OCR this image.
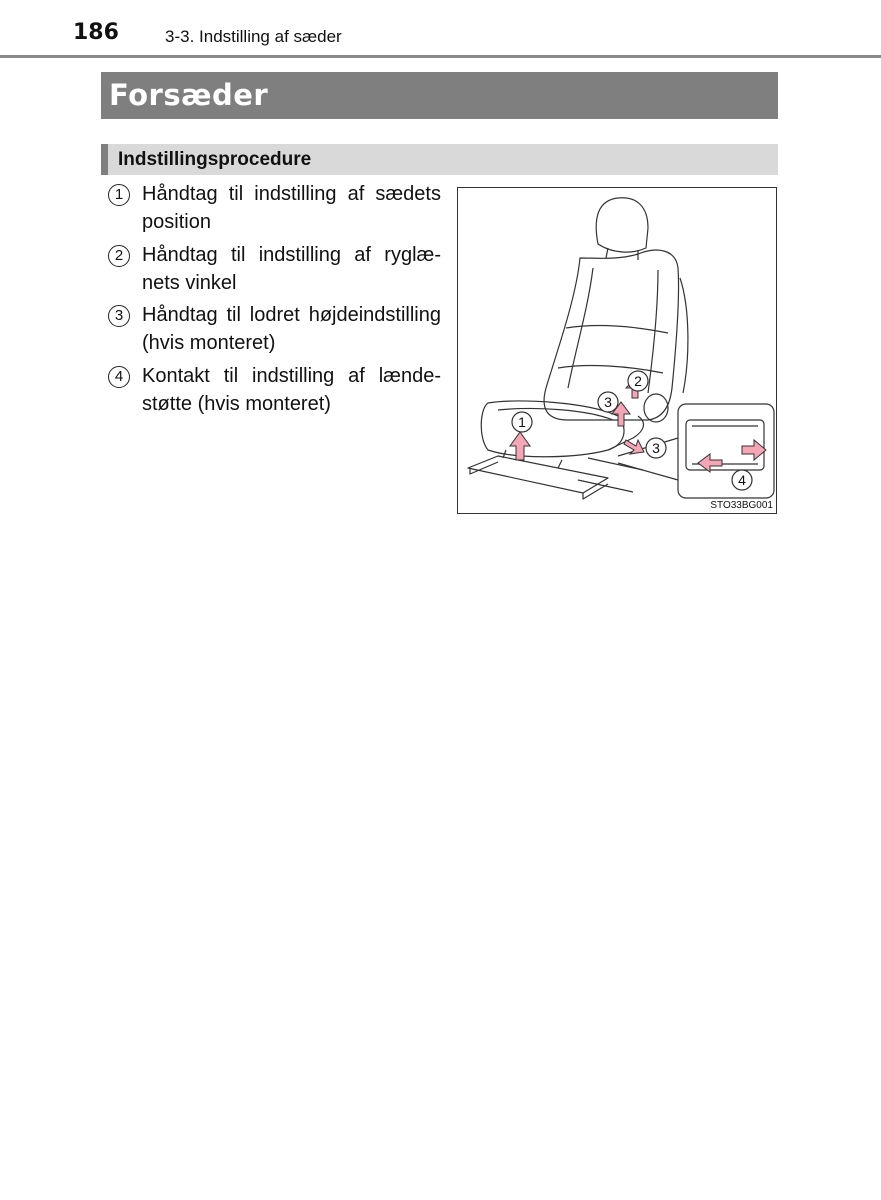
186	3-3. Indstilling af sæder
Forsæder
Indstillingsprocedure
1 Håndtag til indstilling af sædets position
2 Håndtag til indstilling af ryglænets vinkel
3 Håndtag til lodret højdeindstilling (hvis monteret)
4 Kontakt til indstilling af lændestøtte (hvis monteret)
1
2
3
3
4
STO33BG001
